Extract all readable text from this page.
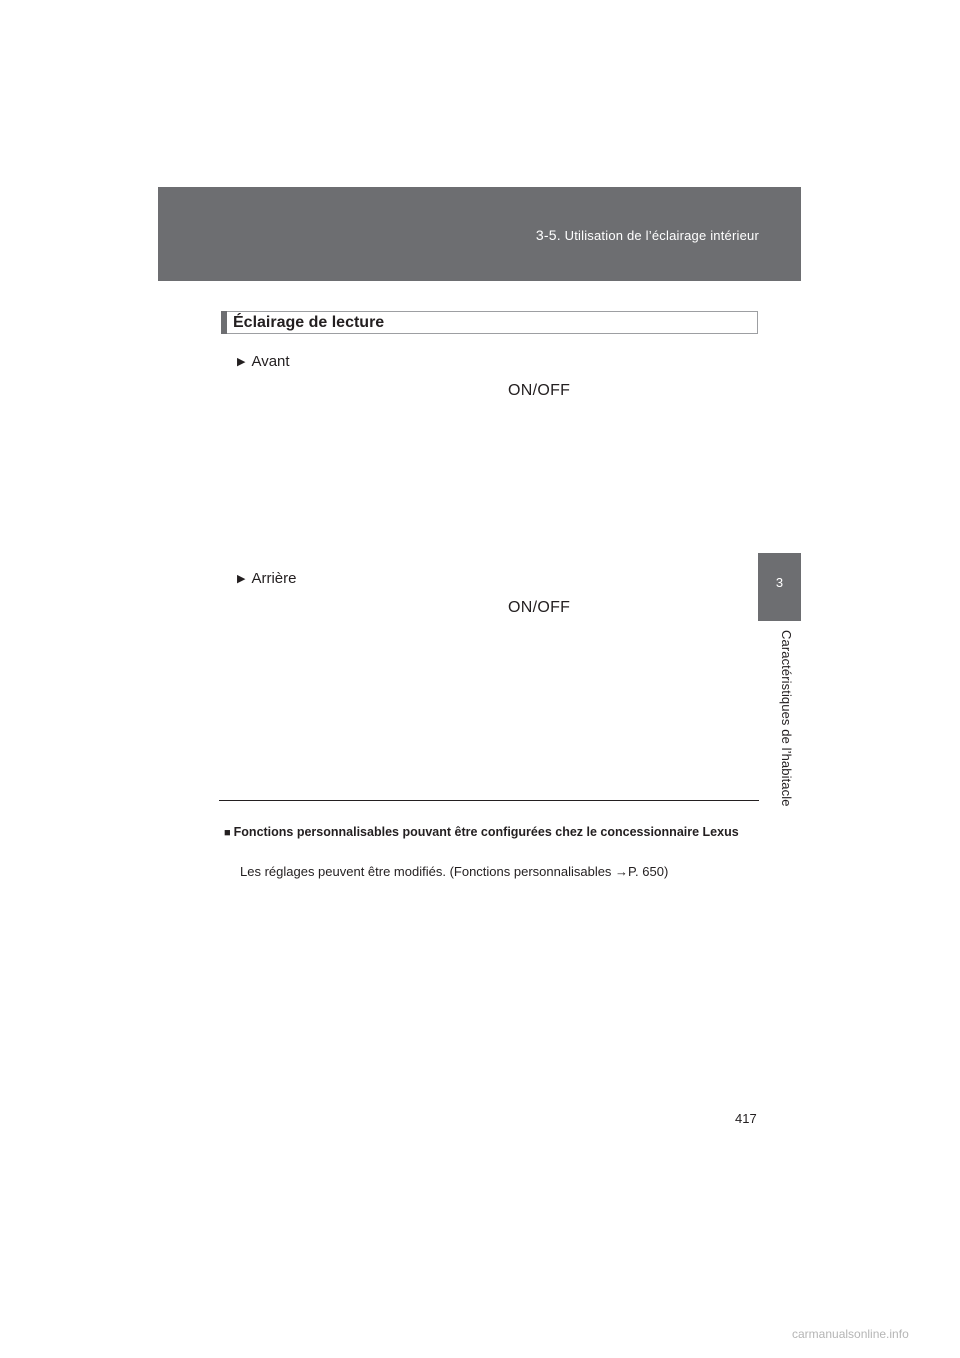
3-5. Utilisation de l’éclairage intérieur
3
Caractéristiques de l’habitacle
Éclairage de lecture
▶ Avant
ON/OFF
▶ Arrière
ON/OFF
■ Fonctions personnalisables pouvant être configurées chez le concessionnaire Lexus
Les réglages peuvent être modifiés. (Fonctions personnalisables →P. 650)
417
carmanualsonline.info
